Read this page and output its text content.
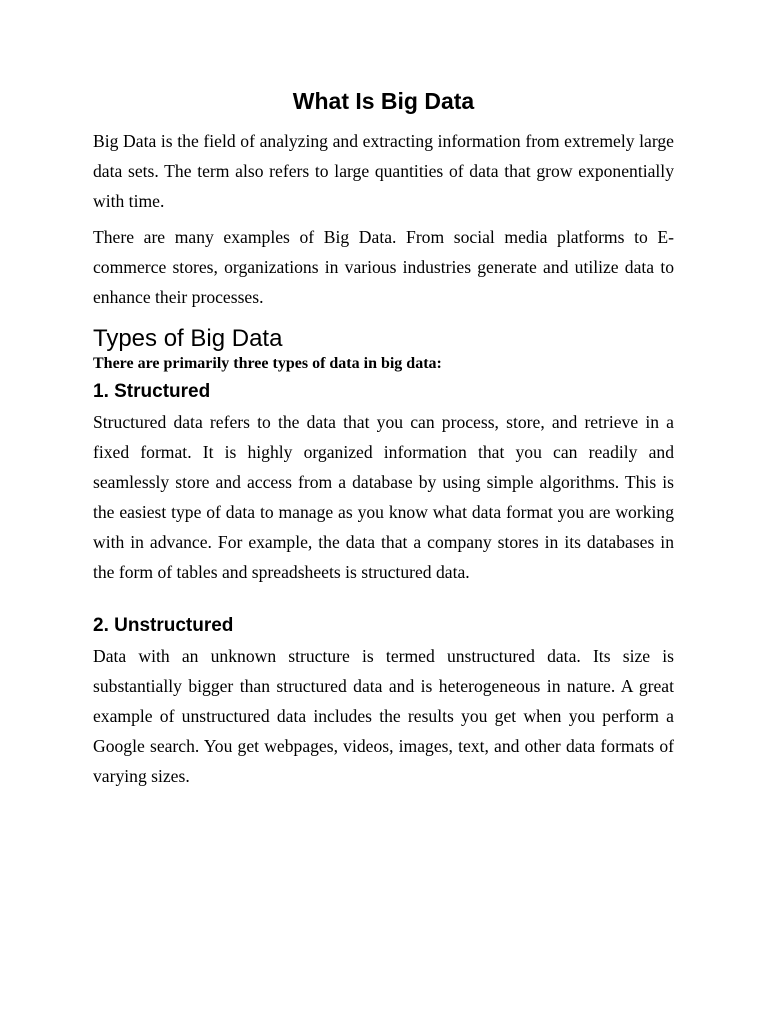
What Is Big Data

Big Data is the field of analyzing and extracting information from extremely large data sets. The term also refers to large quantities of data that grow exponentially with time.

There are many examples of Big Data. From social media platforms to E-commerce stores, organizations in various industries generate and utilize data to enhance their processes.

Types of Big Data

There are primarily three types of data in big data:

1. Structured

Structured data refers to the data that you can process, store, and retrieve in a fixed format. It is highly organized information that you can readily and seamlessly store and access from a database by using simple algorithms. This is the easiest type of data to manage as you know what data format you are working with in advance. For example, the data that a company stores in its databases in the form of tables and spreadsheets is structured data.

2. Unstructured

Data with an unknown structure is termed unstructured data. Its size is substantially bigger than structured data and is heterogeneous in nature. A great example of unstructured data includes the results you get when you perform a Google search. You get webpages, videos, images, text, and other data formats of varying sizes.
